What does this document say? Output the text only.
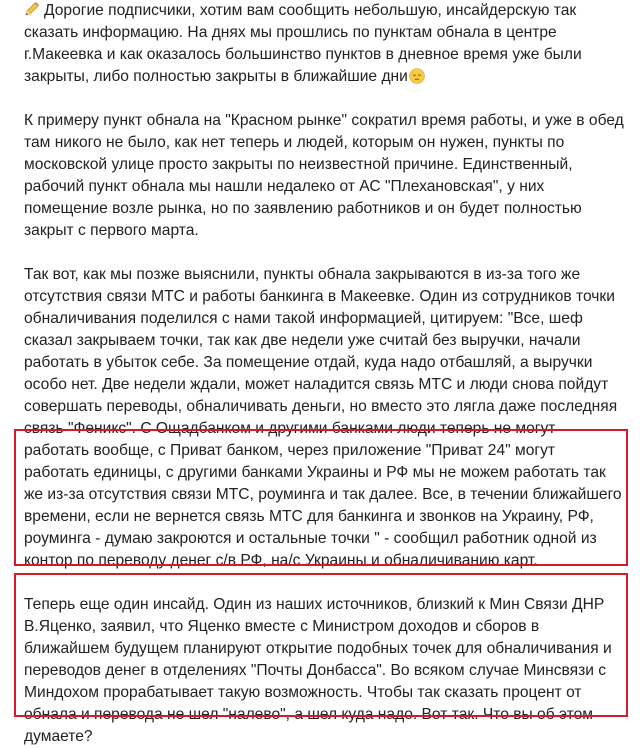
Дорогие подписчики, хотим вам сообщить небольшую, инсайдерскую так сказать информацию. На днях мы прошлись по пунктам обнала в центре г.Макеевка и как оказалось большинство пунктов в дневное время уже были закрыты, либо полностью закрыты в ближайшие дни

К примеру пункт обнала на "Красном рынке" сократил время работы, и уже в обед там никого не было, как нет теперь и людей, которым он нужен, пункты по московской улице просто закрыты по неизвестной причине. Единственный, рабочий пункт обнала мы нашли недалеко от АС "Плехановская", у них помещение возле рынка, но по заявлению работников и он будет полностью закрыт с первого марта.

Так вот, как мы позже выяснили, пункты обнала закрываются в из-за того же отсутствия связи МТС и работы банкинга в Макеевке. Один из сотрудников точки обналичивания поделился с нами такой информацией, цитируем: "Все, шеф сказал закрываем точки, так как две недели уже считай без выручки, начали работать в убыток себе. За помещение отдай, куда надо отбашляй, а выручки особо нет. Две недели ждали, может наладится связь МТС и люди снова пойдут совершать переводы, обналичивать деньги, но вместо это лягла даже последняя связь "Феникс". С Ощадбанком и другими банками люди теперь не могут работать вообще, с Приват банком, через приложение "Приват 24" могут работать единицы, с другими банками Украины и РФ мы не можем работать так же из-за отсутствия связи МТС, роуминга и так далее. Все, в течении ближайшего времени, если не вернется связь МТС для банкинга и звонков на Украину, РФ, роуминга - думаю закроются и остальные точки " - сообщил работник одной из контор по переводу денег с/в РФ, на/с Украины и обналичиванию карт.

Теперь еще один инсайд. Один из наших источников, близкий к Мин Связи ДНР В.Яценко, заявил, что Яценко вместе с Министром доходов и сборов в ближайшем будущем планируют открытие подобных точек для обналичивания и переводов денег в отделениях "Почты Донбасса". Во всяком случае Минсвязи с Миндохом прорабатывает такую возможность. Чтобы так сказать процент от обнала и перевода не шел "налево", а шел куда надо. Вот так. Что вы об этом думаете?
